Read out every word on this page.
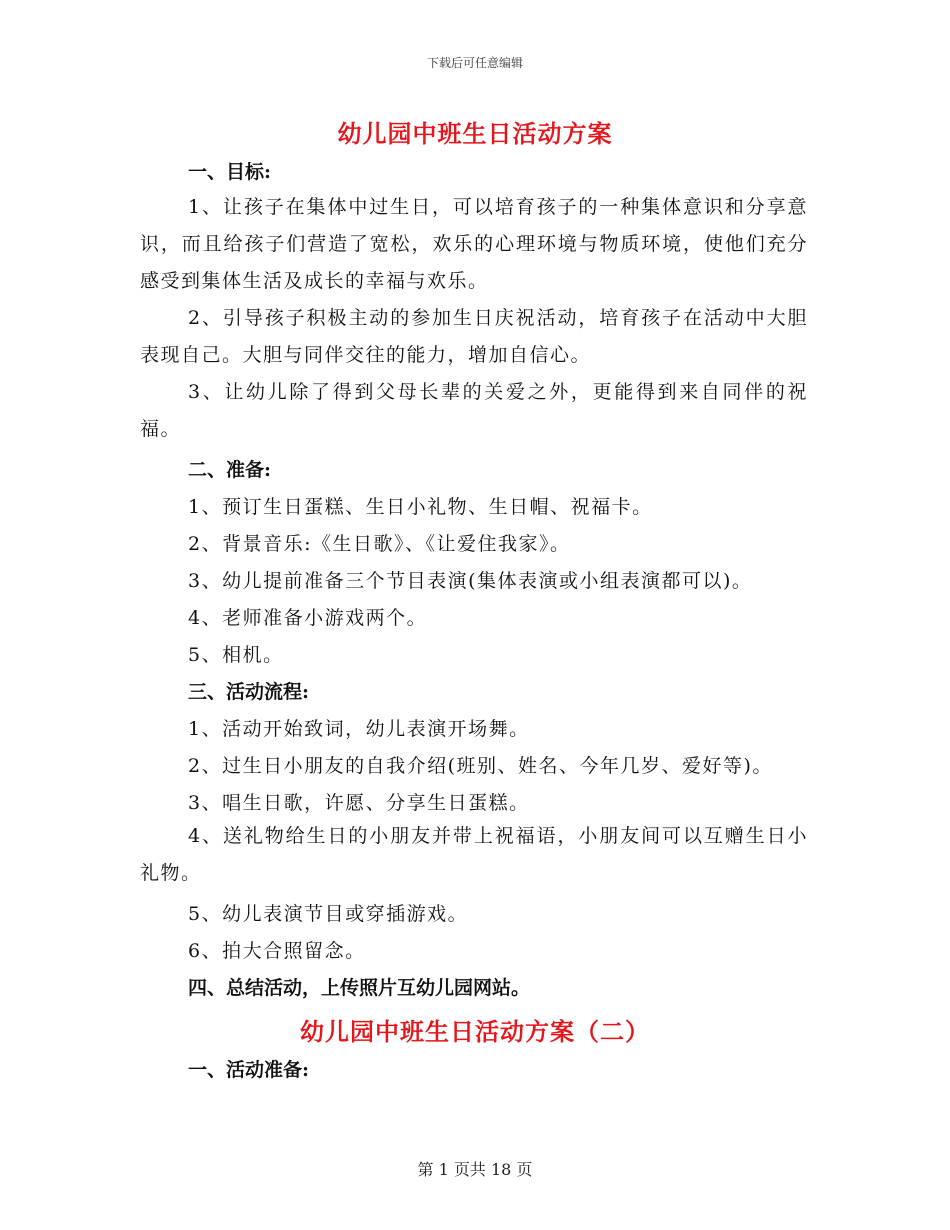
下载后可任意编辑
幼儿园中班生日活动方案
一、目标:
1、让孩子在集体中过生日，可以培育孩子的一种集体意识和分享意识，而且给孩子们营造了宽松，欢乐的心理环境与物质环境，使他们充分感受到集体生活及成长的幸福与欢乐。
2、引导孩子积极主动的参加生日庆祝活动，培育孩子在活动中大胆表现自己。大胆与同伴交往的能力，增加自信心。
3、让幼儿除了得到父母长辈的关爱之外，更能得到来自同伴的祝福。
二、准备:
1、预订生日蛋糕、生日小礼物、生日帽、祝福卡。
2、背景音乐:《生日歌》、《让爱住我家》。
3、幼儿提前准备三个节目表演(集体表演或小组表演都可以)。
4、老师准备小游戏两个。
5、相机。
三、活动流程:
1、活动开始致词，幼儿表演开场舞。
2、过生日小朋友的自我介绍(班别、姓名、今年几岁、爱好等)。
3、唱生日歌，许愿、分享生日蛋糕。
4、送礼物给生日的小朋友并带上祝福语，小朋友间可以互赠生日小礼物。
5、幼儿表演节目或穿插游戏。
6、拍大合照留念。
四、总结活动，上传照片互幼儿园网站。
幼儿园中班生日活动方案（二）
一、活动准备:
第 1 页共 18 页
